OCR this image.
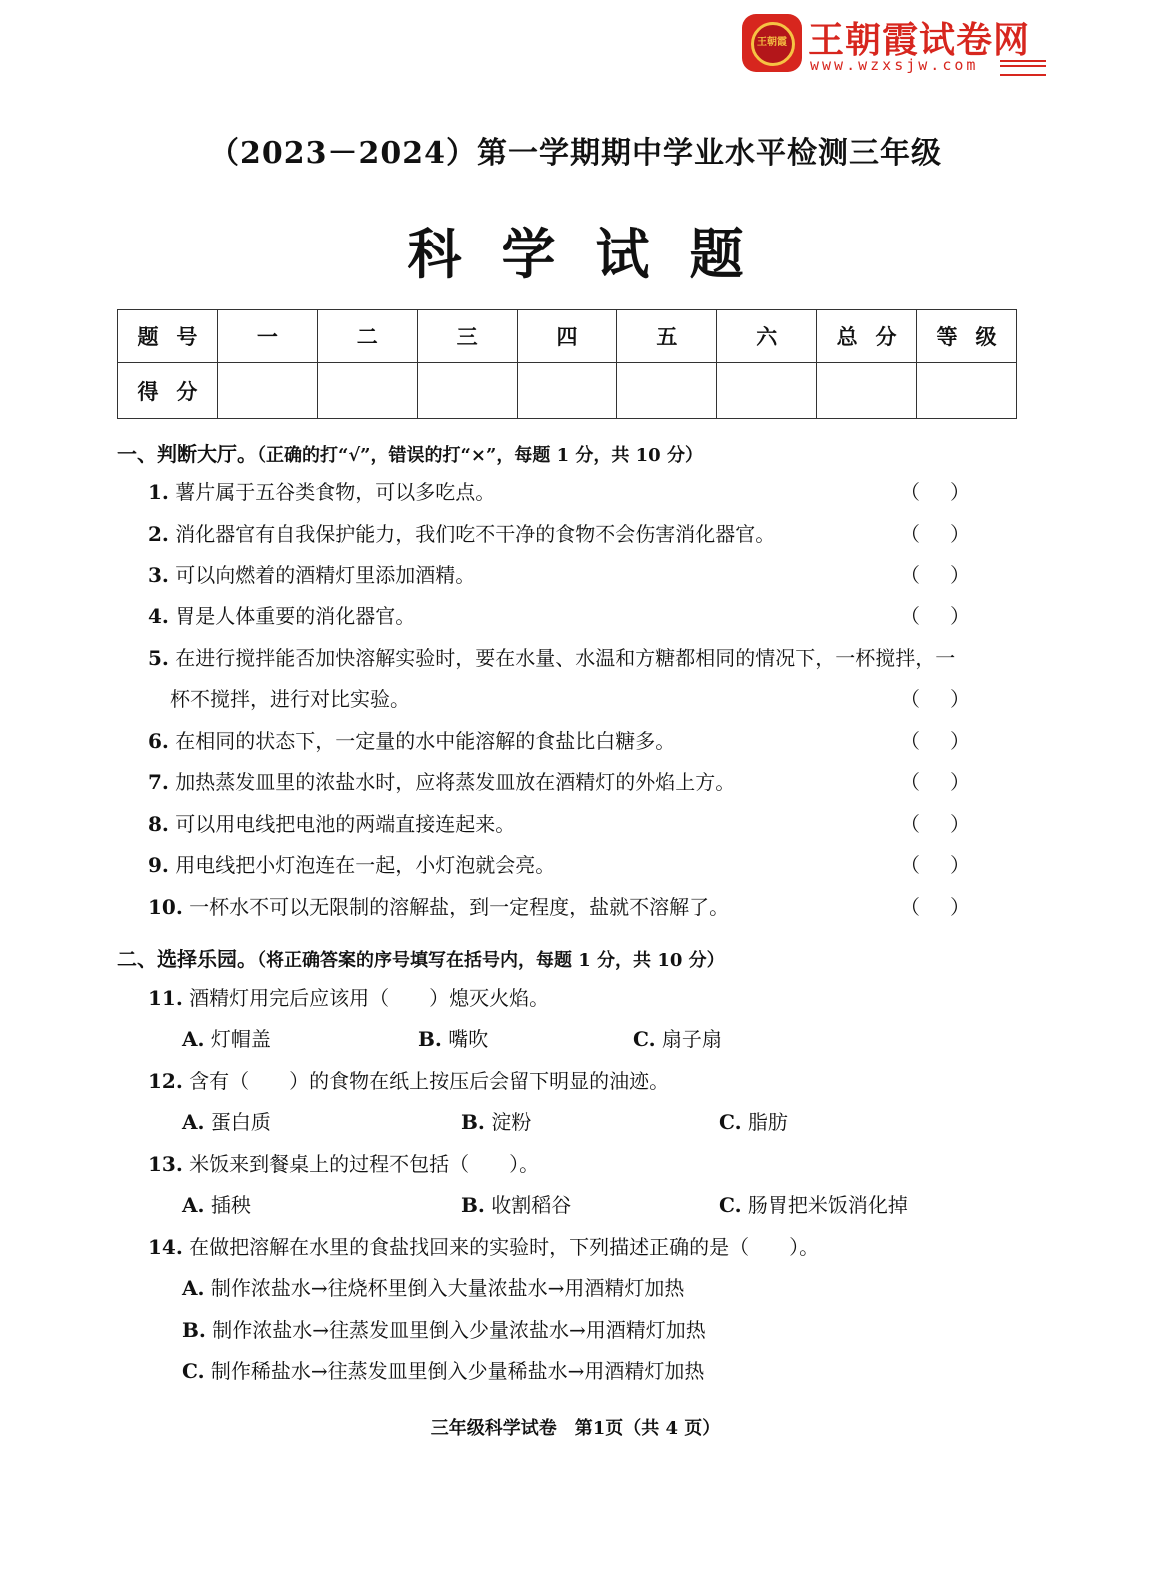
王朝霞 王朝霞试卷网
www.wzxsjw.com
（2023－2024）第一学期期中学业水平检测三年级
科学试题
题号	一	二	三	四	五	六	总分	等级
得分								
一、判断大厅。（正确的打“√”，错误的打“×”，每题 1 分，共 10 分）
1. 薯片属于五谷类食物，可以多吃点。	（ ）
2. 消化器官有自我保护能力，我们吃不干净的食物不会伤害消化器官。	（ ）
3. 可以向燃着的酒精灯里添加酒精。	（ ）
4. 胃是人体重要的消化器官。	（ ）
5. 在进行搅拌能否加快溶解实验时，要在水量、水温和方糖都相同的情况下，一杯搅拌，一
杯不搅拌，进行对比实验。	（ ）
6. 在相同的状态下，一定量的水中能溶解的食盐比白糖多。	（ ）
7. 加热蒸发皿里的浓盐水时，应将蒸发皿放在酒精灯的外焰上方。	（ ）
8. 可以用电线把电池的两端直接连起来。	（ ）
9. 用电线把小灯泡连在一起，小灯泡就会亮。	（ ）
10. 一杯水不可以无限制的溶解盐，到一定程度，盐就不溶解了。	（ ）
二、选择乐园。（将正确答案的序号填写在括号内，每题 1 分，共 10 分）
11. 酒精灯用完后应该用（　　）熄灭火焰。
A. 灯帽盖	B. 嘴吹	C. 扇子扇
12. 含有（　　）的食物在纸上按压后会留下明显的油迹。
A. 蛋白质	B. 淀粉	C. 脂肪
13. 米饭来到餐桌上的过程不包括（　　）。
A. 插秧	B. 收割稻谷	C. 肠胃把米饭消化掉
14. 在做把溶解在水里的食盐找回来的实验时，下列描述正确的是（　　）。
A. 制作浓盐水→往烧杯里倒入大量浓盐水→用酒精灯加热
B. 制作浓盐水→往蒸发皿里倒入少量浓盐水→用酒精灯加热
C. 制作稀盐水→往蒸发皿里倒入少量稀盐水→用酒精灯加热
三年级科学试卷　第1页（共 4 页）
